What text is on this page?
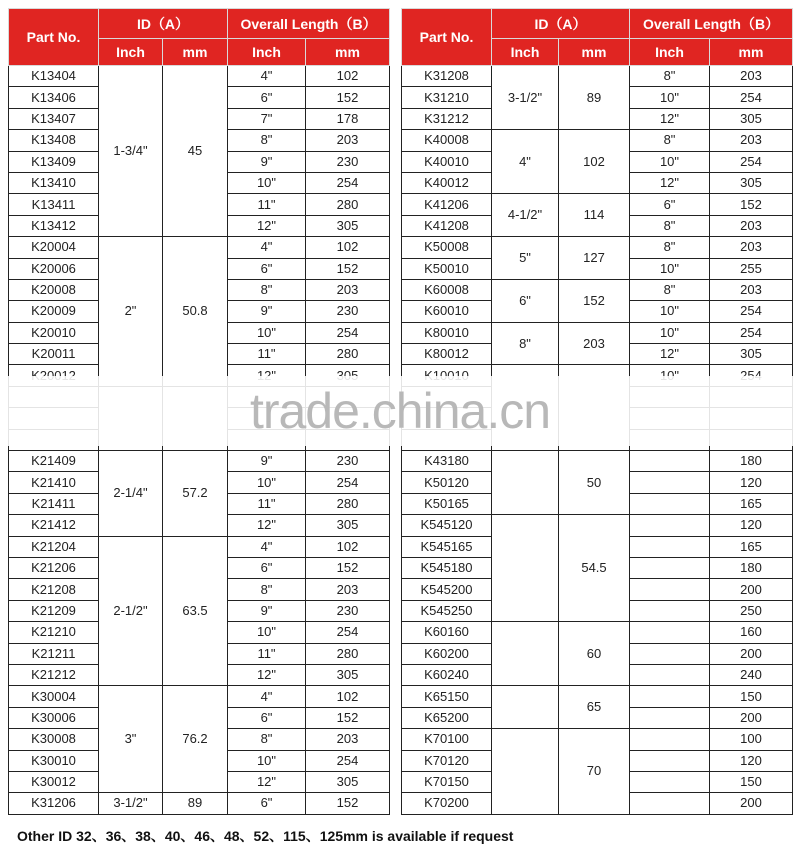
Part No.	ID（A）		Overall Length（B）	
	Inch	mm	Inch	mm
K13404	1-3/4"	45	4"	102
K13406			6"	152
K13407			7"	178
K13408			8"	203
K13409			9"	230
K13410			10"	254
K13411			11"	280
K13412			12"	305
K20004	2"	50.8	4"	102
K20006			6"	152
K20008			8"	203
K20009			9"	230
K20010			10"	254
K20011			11"	280

K21409	2-1/4"	57.2	9"	230
K21410			10"	254
K21411			11"	280
K21412			12"	305
K21204	2-1/2"	63.5	4"	102
K21206			6"	152
K21208			8"	203
K21209			9"	230
K21210			10"	254
K21211			11"	280
K21212			12"	305
K30004	3"	76.2	4"	102
K30006			6"	152
K30008			8"	203
K30010			10"	254
K30012			12"	305
K31206	3-1/2"	89	6"	152
Part No.	ID（A）		Overall Length（B）	
	Inch	mm	Inch	mm
K31208	3-1/2"	89	8"	203
K31210			10"	254
K31212			12"	305
K40008	4"	102	8"	203
K40010			10"	254
K40012			12"	305
K41206	4-1/2"	114	6"	152
K41208			8"	203
K50008	5"	127	8"	203
K50010			10"	255
K60008	6"	152	8"	203
K60010			10"	254
K80010	8"	203	10"	254
K80012			12"	305

K43180		50		180
K50120				120
K50165				165
K545120		54.5		120
K545165				165
K545180				180
K545200				200
K545250				250
K60160		60		160
K60200				200
K60240				240
K65150		65		150
K65200				200
K70100		70		100
K70120				120
K70150				150
K70200				200
trade.china.cn
Other ID 32、36、38、40、46、48、52、115、125mm is available if request
